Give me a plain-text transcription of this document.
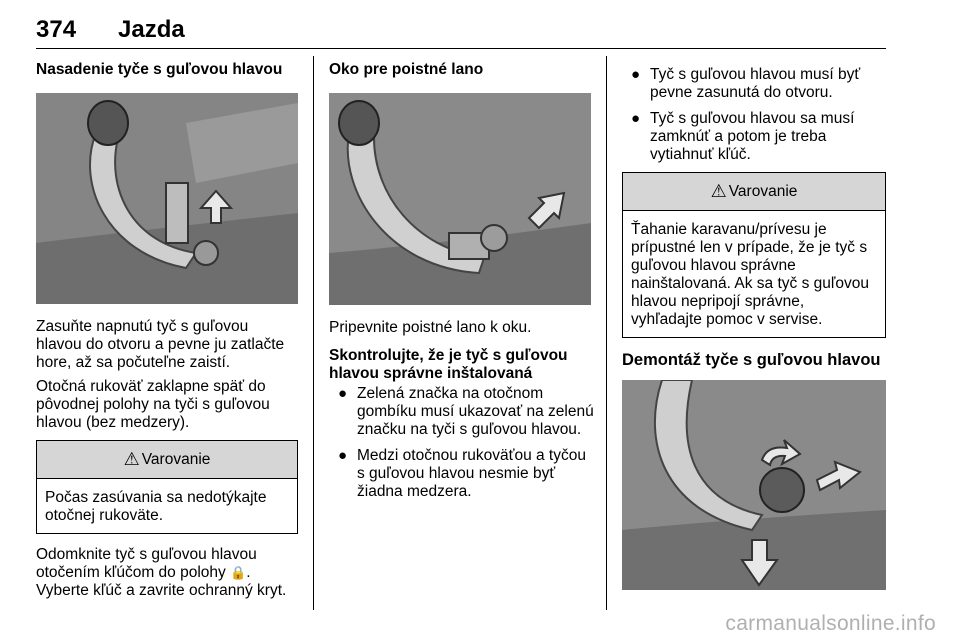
374 Jazda
Nasadenie tyče s guľovou hlavou

Zasuňte napnutú tyč s guľovou hlavou do otvoru a pevne ju zatlačte hore, až sa počuteľne zaistí.

Otočná rukoväť zaklapne späť do pôvodnej polohy na tyči s guľovou hlavou (bez medzery).

⚠ Varovanie
Počas zasúvania sa nedotýkajte otočnej rukoväte.

Odomknite tyč s guľovou hlavou otočením kľúčom do polohy 🔒.
Vyberte kľúč a zavrite ochranný kryt.

Oko pre poistné lano

Pripevnite poistné lano k oku.

Skontrolujte, že je tyč s guľovou hlavou správne inštalovaná

● Zelená značka na otočnom gombíku musí ukazovať na zelenú značku na tyči s guľovou hlavou.
● Medzi otočnou rukoväťou a tyčou s guľovou hlavou nesmie byť žiadna medzera.
● Tyč s guľovou hlavou musí byť pevne zasunutá do otvoru.
● Tyč s guľovou hlavou sa musí zamknúť a potom je treba vytiahnuť kľúč.
⚠ Varovanie
Ťahanie karavanu/prívesu je prípustné len v prípade, že je tyč s guľovou hlavou správne nainštalovaná. Ak sa tyč s guľovou hlavou nepripojí správne, vyhľadajte pomoc v servise.
Demontáž tyče s guľovou hlavou
carmanualsonline.info
